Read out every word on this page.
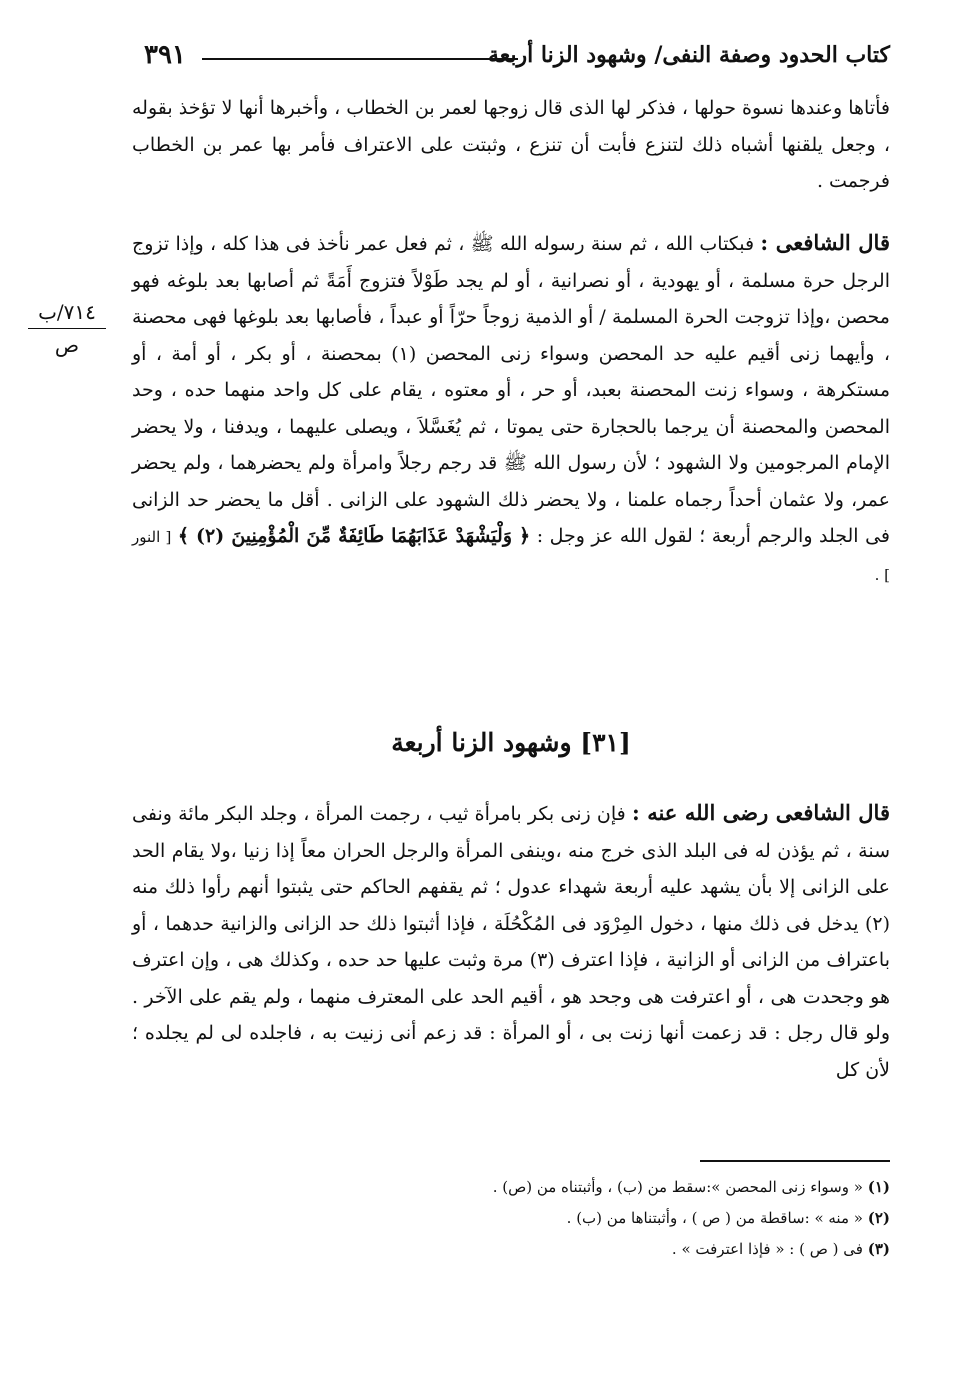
كتاب الحدود وصفة النفى/ وشهود الزنا أربعة
٣٩١
٧١٤/ب
ص
فأتاها وعندها نسوة حولها ، فذكر لها الذى قال زوجها لعمر بن الخطاب ، وأخبرها أنها لا تؤخذ بقوله ، وجعل يلقنها أشباه ذلك لتنزع فأبت أن تنزع ، وثبتت على الاعتراف فأمر بها عمر بن الخطاب فرجمت .
قال الشافعى : فبكتاب الله ، ثم سنة رسوله الله ﷺ ، ثم فعل عمر نأخذ فى هذا كله ، وإذا تزوج الرجل حرة مسلمة ، أو يهودية ، أو نصرانية ، أو لم يجد طَوْلاً فتزوج أَمَةً ثم أصابها بعد بلوغه فهو محصن ،وإذا تزوجت الحرة المسلمة / أو الذمية زوجاً حرّاً أو عبداً ، فأصابها بعد بلوغها فهى محصنة ، وأيهما زنى أقيم عليه حد المحصن وسواء زنى المحصن (١) بمحصنة ، أو بكر ، أو أمة ، أو مستكرهة ، وسواء زنت المحصنة بعبد، أو حر ، أو معتوه ، يقام على كل واحد منهما حده ، وحد المحصن والمحصنة أن يرجما بالحجارة حتى يموتا ، ثم يُغَسَّلاَ ، ويصلى عليهما ، ويدفنا ، ولا يحضر الإمام المرجومين ولا الشهود ؛ لأن رسول الله ﷺ قد رجم رجلاً وامرأة ولم يحضرهما ، ولم يحضر عمر، ولا عثمان أحداً رجماه علمنا ، ولا يحضر ذلك الشهود على الزانى . أقل ما يحضر حد الزانى فى الجلد والرجم أربعة ؛ لقول الله عز وجل : ﴿ وَلْيَشْهَدْ عَذَابَهُمَا طَائِفَةٌ مِّنَ الْمُؤْمِنِينَ (٢) ﴾ [ النور ] .
[٣١] وشهود الزنا أربعة
قال الشافعى رضى الله عنه : فإن زنى بكر بامرأة ثيب ، رجمت المرأة ، وجلد البكر مائة ونفى سنة ، ثم يؤذن له فى البلد الذى خرج منه ،وينفى المرأة والرجل الحران معاً إذا زنيا ،ولا يقام الحد على الزانى إلا بأن يشهد عليه أربعة شهداء عدول ؛ ثم يقفهم الحاكم حتى يثبتوا أنهم رأوا ذلك منه (٢) يدخل فى ذلك منها ، دخول المِرْوَد فى المُكْحُلَة ، فإذا أثبتوا ذلك حد الزانى والزانية حدهما ، أو باعتراف من الزانى أو الزانية ، فإذا اعترف (٣) مرة وثبت عليها حد حده ، وكذلك هى ، وإن اعترف هو وجحدت هى ، أو اعترفت هى وجحد هو ، أقيم الحد على المعترف منهما ، ولم يقم على الآخر . ولو قال رجل : قد زعمت أنها زنت بى ، أو المرأة : قد زعم أنى زنيت به ، فاجلده لى لم يجلده ؛ لأن كل
(١) « وسواء زنى المحصن »:سقط من (ب) ، وأثبتناه من (ص) .
(٢) « منه » :ساقطة من ( ص ) ، وأثبتناها من (ب) .
(٣) فى ( ص ) : « فإذا اعترفت » .
